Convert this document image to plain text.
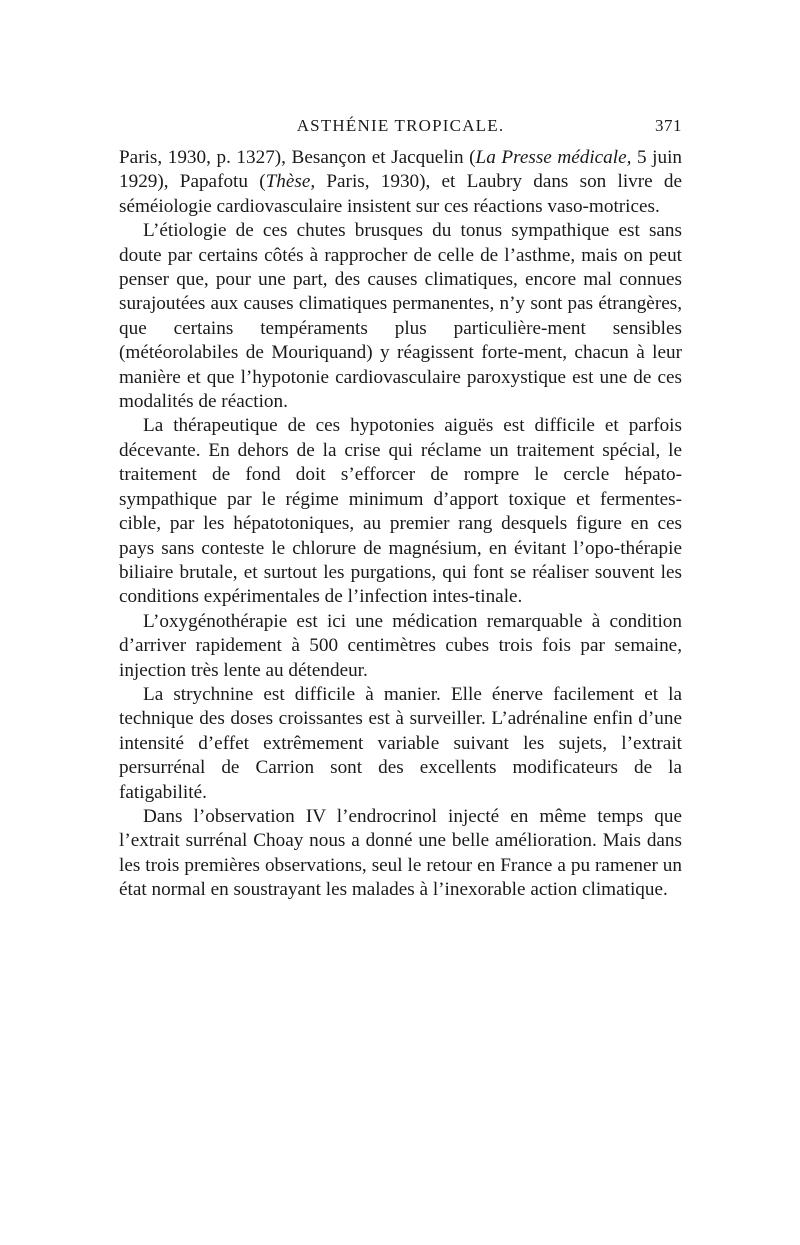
ASTHÉNIE TROPICALE.	371

Paris, 1930, p. 1327), Besançon et Jacquelin (La Presse médicale, 5 juin 1929), Papafotu (Thèse, Paris, 1930), et Laubry dans son livre de séméiologie cardiovasculaire insistent sur ces réactions vaso-motrices.

L’étiologie de ces chutes brusques du tonus sympathique est sans doute par certains côtés à rapprocher de celle de l’asthme, mais on peut penser que, pour une part, des causes climatiques, encore mal connues surajoutées aux causes climatiques permanentes, n’y sont pas étrangères, que certains tempéraments plus particulière-ment sensibles (météorolabiles de Mouriquand) y réagissent forte-ment, chacun à leur manière et que l’hypotonie cardiovasculaire paroxystique est une de ces modalités de réaction.

La thérapeutique de ces hypotonies aiguës est difficile et parfois décevante. En dehors de la crise qui réclame un traitement spécial, le traitement de fond doit s’efforcer de rompre le cercle hépato-sympathique par le régime minimum d’apport toxique et fermentes-cible, par les hépatotoniques, au premier rang desquels figure en ces pays sans conteste le chlorure de magnésium, en évitant l’opo-thérapie biliaire brutale, et surtout les purgations, qui font se réaliser souvent les conditions expérimentales de l’infection intes-tinale.

L’oxygénothérapie est ici une médication remarquable à condition d’arriver rapidement à 500 centimètres cubes trois fois par semaine, injection très lente au détendeur.

La strychnine est difficile à manier. Elle énerve facilement et la technique des doses croissantes est à surveiller. L’adrénaline enfin d’une intensité d’effet extrêmement variable suivant les sujets, l’extrait persurrénal de Carrion sont des excellents modificateurs de la fatigabilité.

Dans l’observation IV l’endrocrinol injecté en même temps que l’extrait surrénal Choay nous a donné une belle amélioration. Mais dans les trois premières observations, seul le retour en France a pu ramener un état normal en soustrayant les malades à l’inexorable action climatique.
